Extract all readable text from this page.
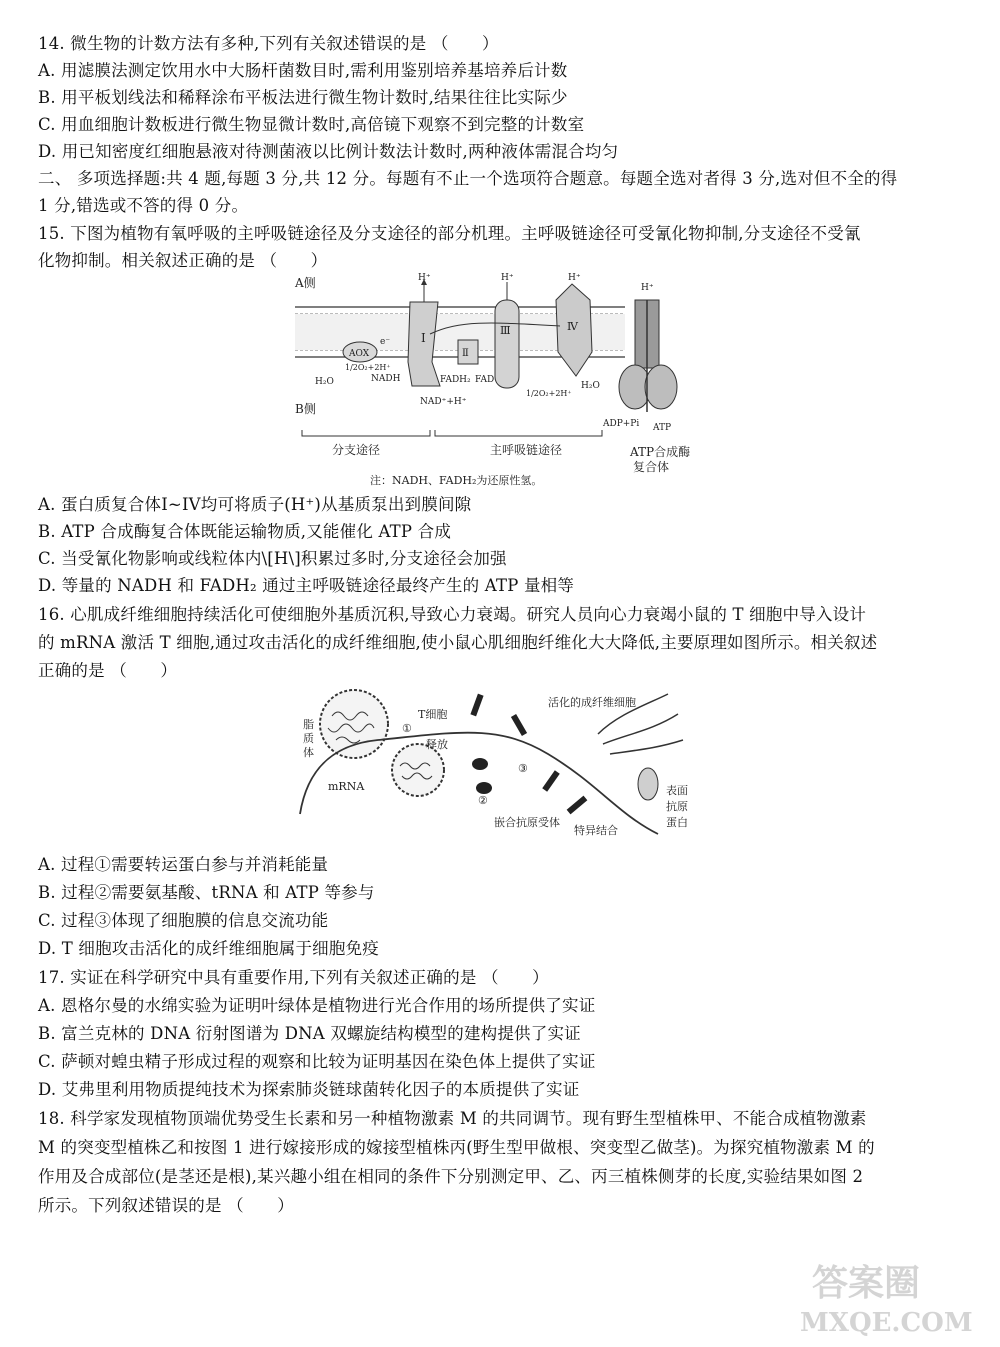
14. 微生物的计数方法有多种,下列有关叙述错误的是 （　　）
A. 用滤膜法测定饮用水中大肠杆菌数目时,需利用鉴别培养基培养后计数
B. 用平板划线法和稀释涂布平板法进行微生物计数时,结果往往比实际少
C. 用血细胞计数板进行微生物显微计数时,高倍镜下观察不到完整的计数室
D. 用已知密度红细胞悬液对待测菌液以比例计数法计数时,两种液体需混合均匀
二、 多项选择题:共 4 题,每题 3 分,共 12 分。每题有不止一个选项符合题意。每题全选对者得 3 分,选对但不全的得
1 分,错选或不答的得 0 分。
15. 下图为植物有氧呼吸的主呼吸链途径及分支途径的部分机理。主呼吸链途径可受氰化物抑制,分支途径不受氰
化物抑制。相关叙述正确的是 （　　）
A侧
B侧
AOX
e⁻
H₂O
1/2O₂+2H⁺
NADH
Ⅰ
H⁺
NAD⁺+H⁺
Ⅱ
FADH₂ FAD
Ⅲ
H⁺
Ⅳ
H⁺
1/2O₂+2H⁺
H₂O
H⁺
ADP+Pi ATP
分支途径	主呼吸链途径	ATP合成酶
复合体
注：NADH、FADH₂为还原性氢。
A. 蛋白质复合体I~IV均可将质子(H⁺)从基质泵出到膜间隙
B. ATP 合成酶复合体既能运输物质,又能催化 ATP 合成
C. 当受氰化物影响或线粒体内\[H\]积累过多时,分支途径会加强
D. 等量的 NADH 和 FADH₂ 通过主呼吸链途径最终产生的 ATP 量相等
16. 心肌成纤维细胞持续活化可使细胞外基质沉积,导致心力衰竭。研究人员向心力衰竭小鼠的 T 细胞中导入设计
的 mRNA 激活 T 细胞,通过攻击活化的成纤维细胞,使小鼠心肌细胞纤维化大大降低,主要原理如图所示。相关叙述
正确的是 （　　）
脂
质
体
T细胞
①
释放
mRNA
②
③
嵌合抗原受体
特异结合
活化的成纤维细胞
表面
抗原
蛋白
A. 过程①需要转运蛋白参与并消耗能量
B. 过程②需要氨基酸、tRNA 和 ATP 等参与
C. 过程③体现了细胞膜的信息交流功能
D. T 细胞攻击活化的成纤维细胞属于细胞免疫
17. 实证在科学研究中具有重要作用,下列有关叙述正确的是 （　　）
A. 恩格尔曼的水绵实验为证明叶绿体是植物进行光合作用的场所提供了实证
B. 富兰克林的 DNA 衍射图谱为 DNA 双螺旋结构模型的建构提供了实证
C. 萨顿对蝗虫精子形成过程的观察和比较为证明基因在染色体上提供了实证
D. 艾弗里利用物质提纯技术为探索肺炎链球菌转化因子的本质提供了实证
18. 科学家发现植物顶端优势受生长素和另一种植物激素 M 的共同调节。现有野生型植株甲、不能合成植物激素
M 的突变型植株乙和按图 1 进行嫁接形成的嫁接型植株丙(野生型甲做根、突变型乙做茎)。为探究植物激素 M 的
作用及合成部位(是茎还是根),某兴趣小组在相同的条件下分别测定甲、乙、丙三植株侧芽的长度,实验结果如图 2
所示。下列叙述错误的是 （　　）
答案圈
MXQE.COM
